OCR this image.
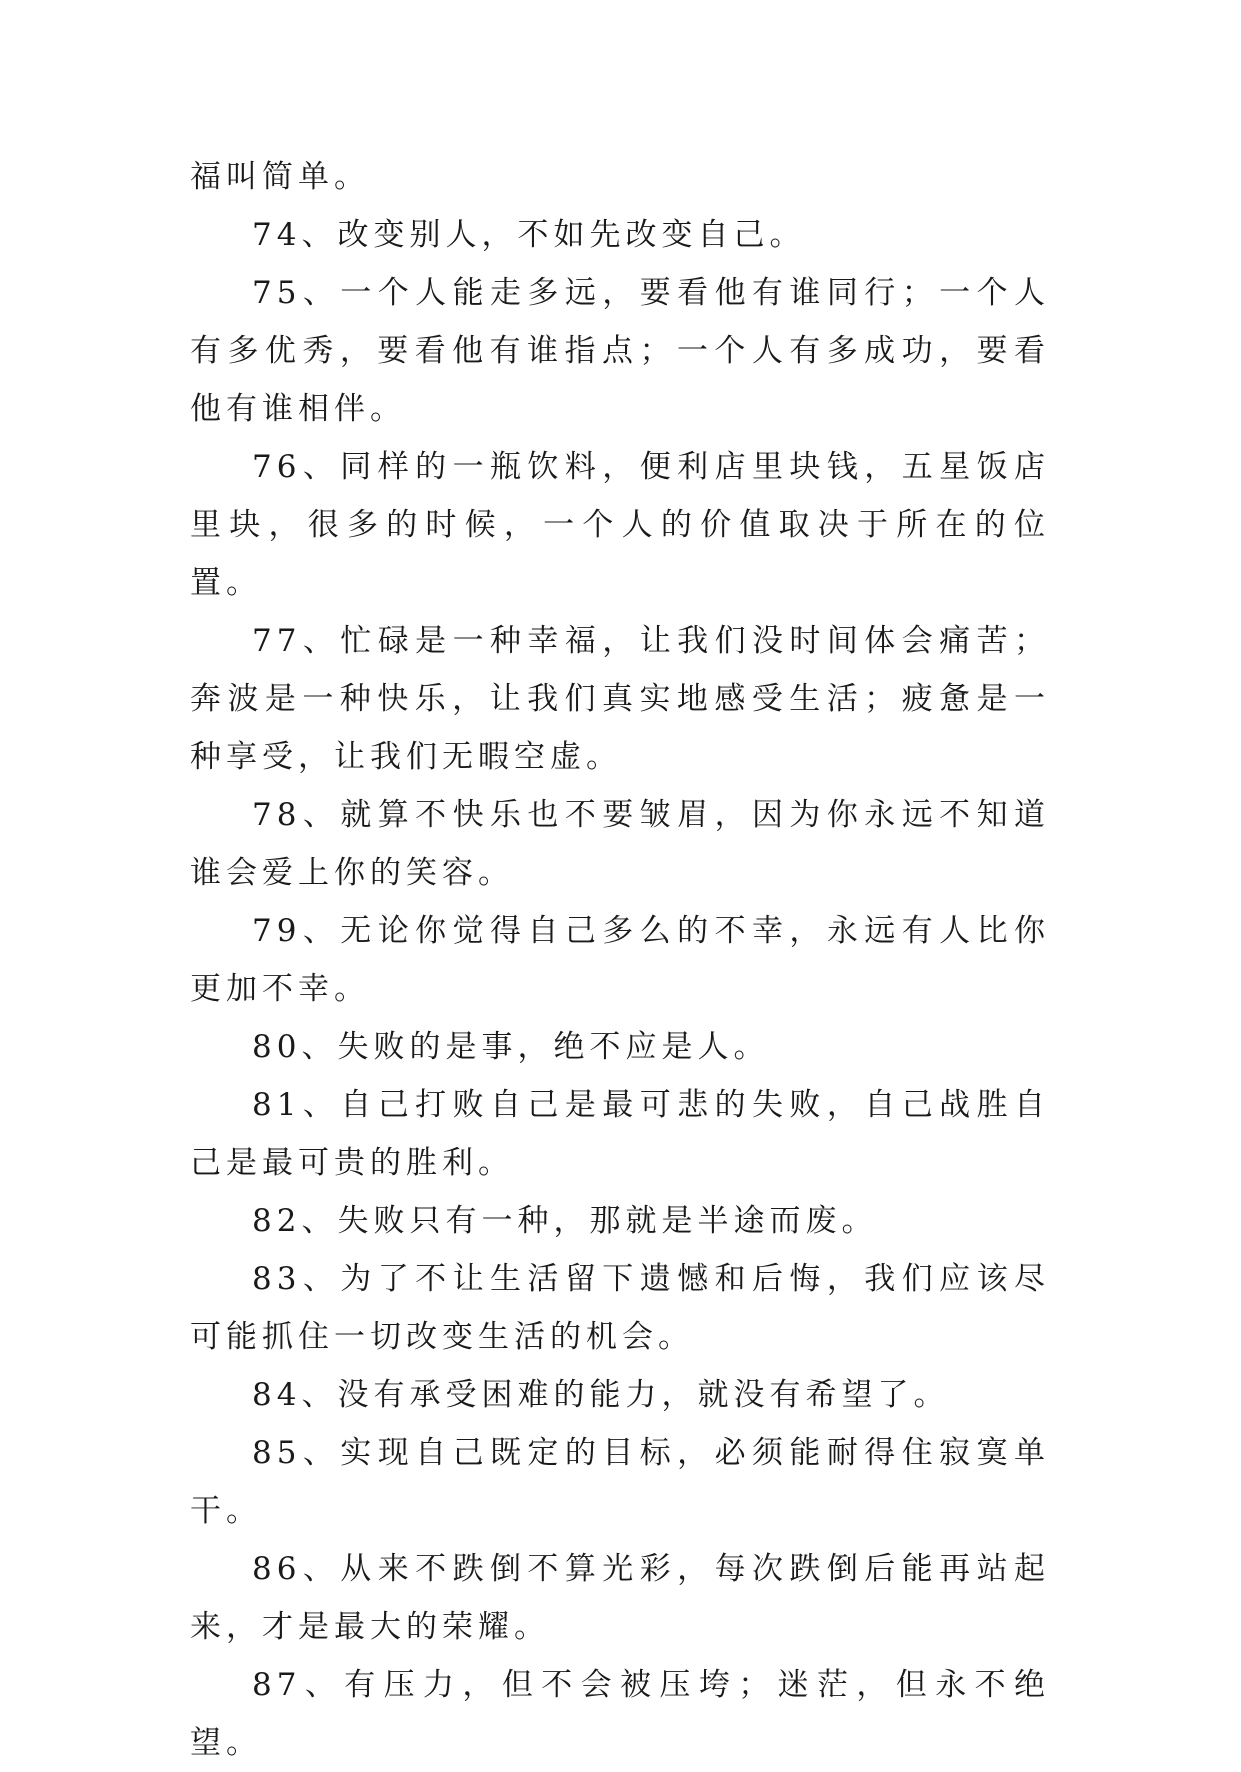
福叫简单。

74、改变别人，不如先改变自己。

75、一个人能走多远，要看他有谁同行；一个人有多优秀，要看他有谁指点；一个人有多成功，要看他有谁相伴。

76、同样的一瓶饮料，便利店里块钱，五星饭店里块，很多的时候，一个人的价值取决于所在的位置。

77、忙碌是一种幸福，让我们没时间体会痛苦；奔波是一种快乐，让我们真实地感受生活；疲惫是一种享受，让我们无暇空虚。

78、就算不快乐也不要皱眉，因为你永远不知道谁会爱上你的笑容。

79、无论你觉得自己多么的不幸，永远有人比你更加不幸。

80、失败的是事，绝不应是人。

81、自己打败自己是最可悲的失败，自己战胜自己是最可贵的胜利。

82、失败只有一种，那就是半途而废。

83、为了不让生活留下遗憾和后悔，我们应该尽可能抓住一切改变生活的机会。

84、没有承受困难的能力，就没有希望了。

85、实现自己既定的目标，必须能耐得住寂寞单干。

86、从来不跌倒不算光彩，每次跌倒后能再站起来，才是最大的荣耀。

87、有压力，但不会被压垮；迷茫，但永不绝望。
